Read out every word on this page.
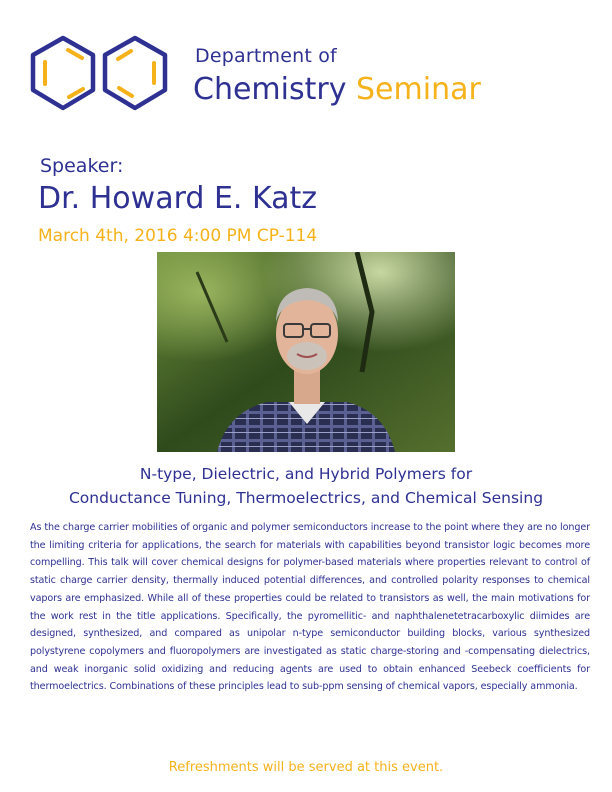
Department of
Chemistry Seminar
Speaker:
Dr. Howard E. Katz
March 4th, 2016 4:00 PM CP-114
N-type, Dielectric, and Hybrid Polymers for
Conductance Tuning, Thermoelectrics, and Chemical Sensing
As the charge carrier mobilities of organic and polymer semiconductors increase to the point where they are no longer the limiting criteria for applications, the search for materials with capabilities beyond transistor logic becomes more compelling. This talk will cover chemical designs for polymer-based materials where properties relevant to control of static charge carrier density, thermally induced potential differences, and controlled polarity responses to chemical vapors are emphasized. While all of these properties could be related to transistors as well, the main motivations for the work rest in the title applications. Specifically, the pyromellitic- and naphthalenetetracarboxylic diimides are designed, synthesized, and compared as unipolar n-type semiconductor building blocks, various synthesized polystyrene copolymers and fluoropolymers are investigated as static charge-storing and -compensating dielectrics, and weak inorganic solid oxidizing and reducing agents are used to obtain enhanced Seebeck coefficients for thermoelectrics. Combinations of these principles lead to sub-ppm sensing of chemical vapors, especially ammonia.
Refreshments will be served at this event.
